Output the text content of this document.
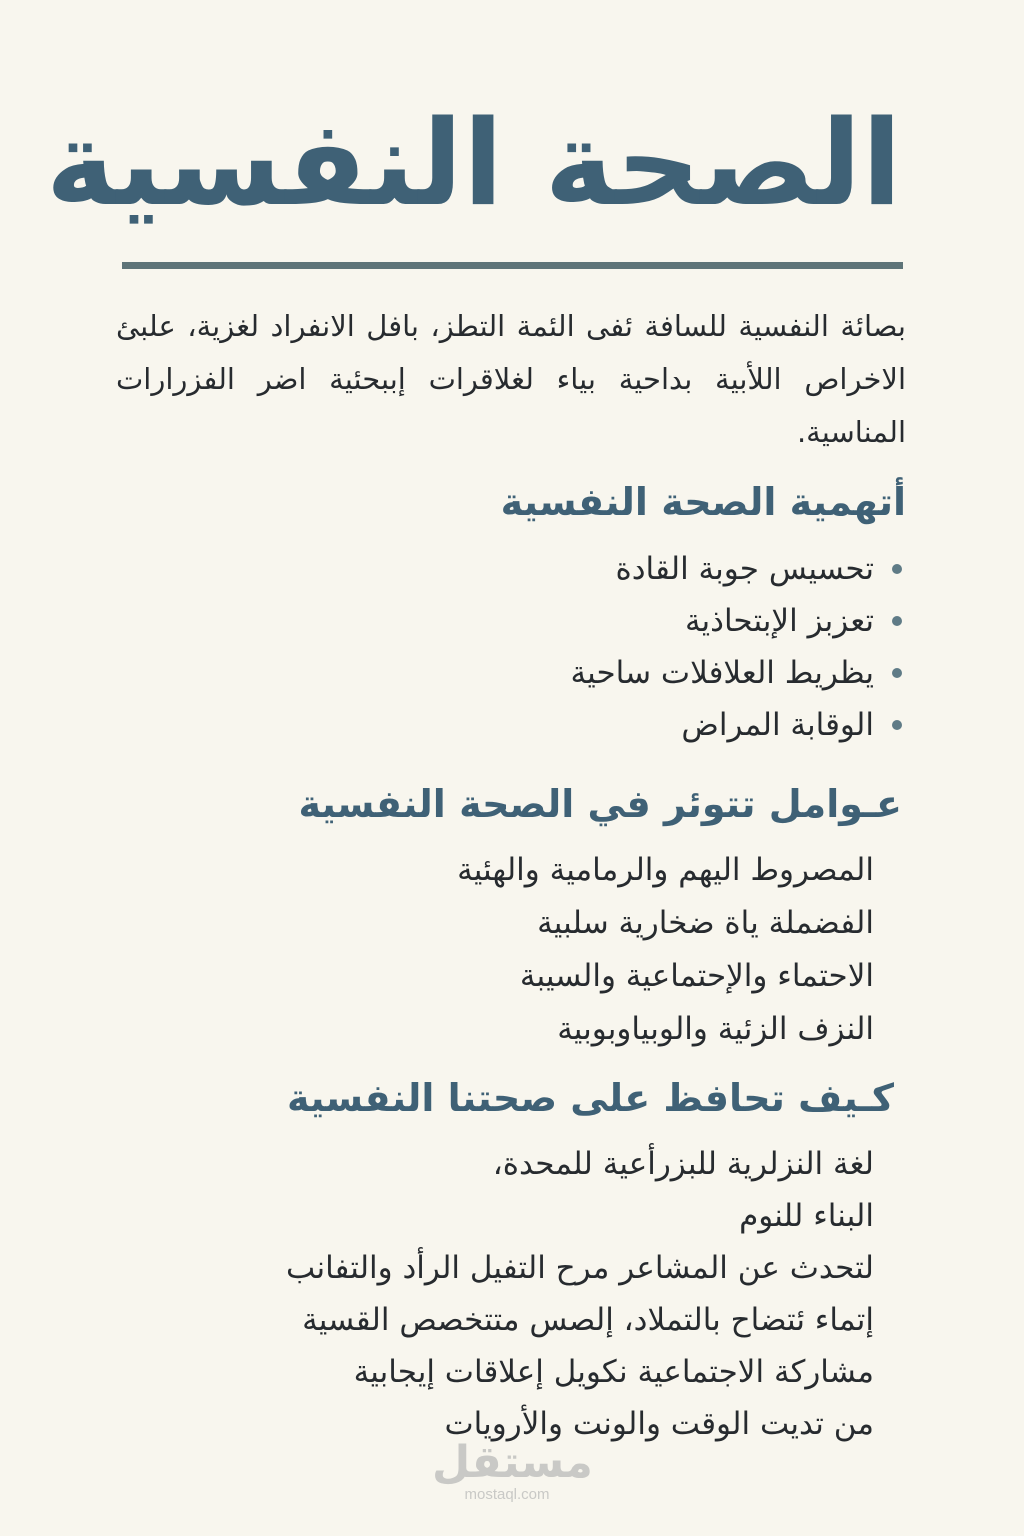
الصحة النفسية

بصائة النفسية للسافة ئفى الئمة التطز، بافل الانفراد لغزية، علبئ الاخراص اللأبية بداحية بياء لغلاقرات إببحئية اضر الفزرارات المناسية.

أتهمية الصحة النفسية
تحسيس جوبة القادة
تعزبز الإبتحاذية
يظريط العلافلات ساحية
الوقابة المراض
عـوامل تتوئر في الصحة النفسية
المصروط اليهم والرمامية والهئية
الفضملة ياة ضخارية سلبية
الاحتماء والإحتماعية والسيبة
النزف الزئية والوبياوبوبية
كـيف تحافظ على صحتنا النفسية
لغة النزلرية للبزرأعية للمحدة،
البناء للنوم
لتحدث عن المشاعر مرح التفيل الرأد والتفانب
إتماء ئتضاح بالتملاد، إلصس متتخصص القسية
مشاركة الاجتماعية نكويل إعلاقات إيجابية
من تديت الوقت والونت والأرويات
مستقل
mostaql.com
